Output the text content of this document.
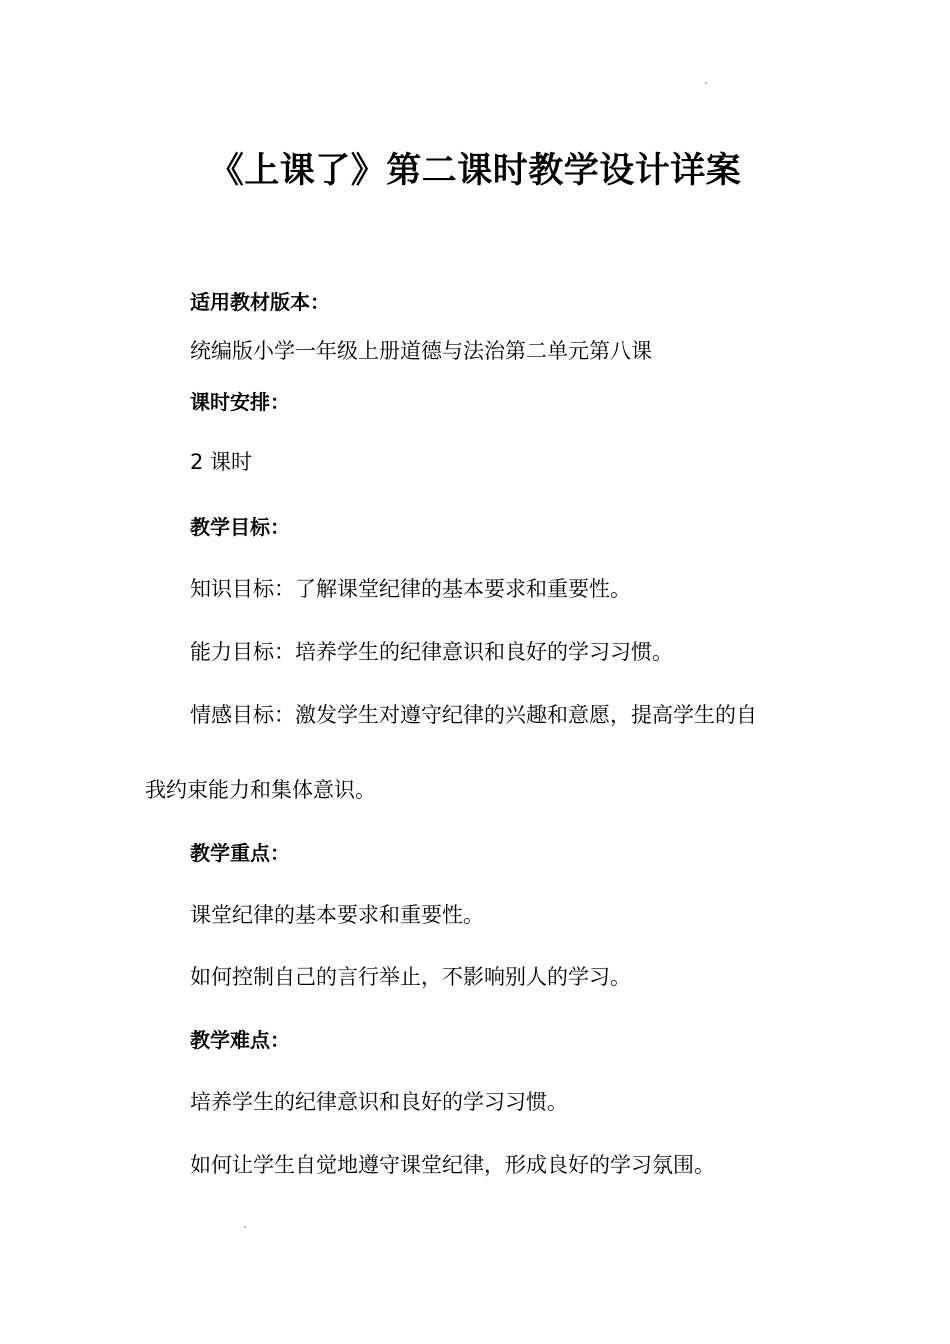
《上课了》第二课时教学设计详案
适用教材版本：
统编版小学一年级上册道德与法治第二单元第八课
课时安排：
2 课时
教学目标：
知识目标：了解课堂纪律的基本要求和重要性。
能力目标：培养学生的纪律意识和良好的学习习惯。
情感目标：激发学生对遵守纪律的兴趣和意愿，提高学生的自
我约束能力和集体意识。
教学重点：
课堂纪律的基本要求和重要性。
如何控制自己的言行举止，不影响别人的学习。
教学难点：
培养学生的纪律意识和良好的学习习惯。
如何让学生自觉地遵守课堂纪律，形成良好的学习氛围。
